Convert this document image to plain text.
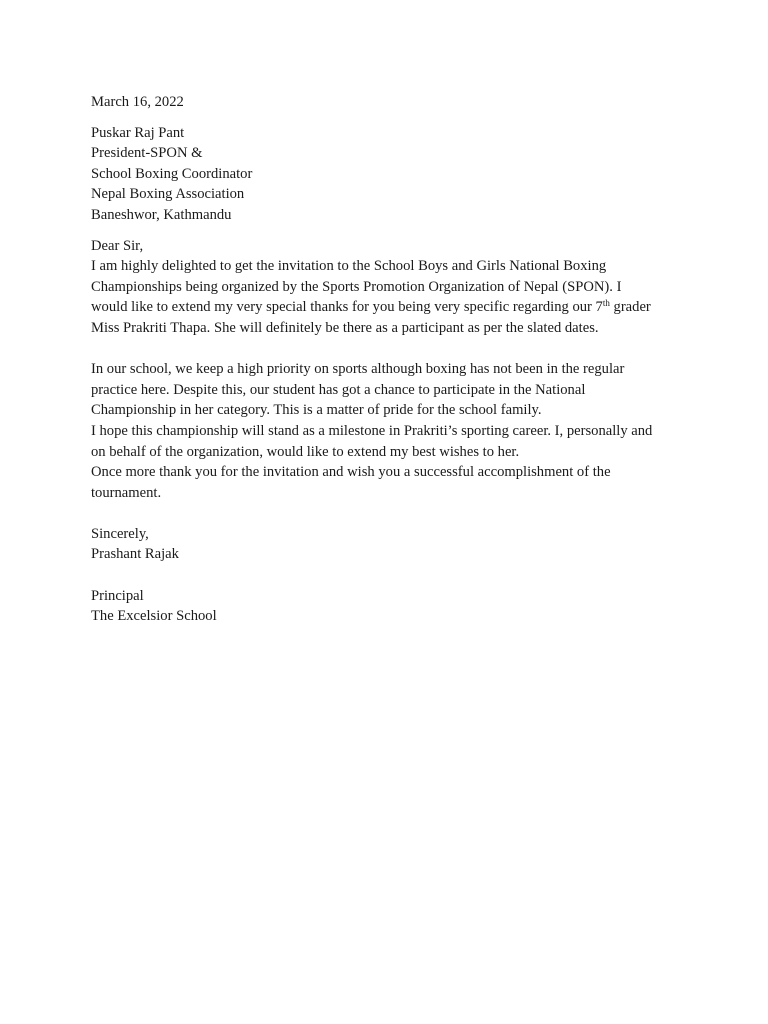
March 16, 2022
Puskar Raj Pant
President-SPON &
School Boxing Coordinator
Nepal Boxing Association
Baneshwor, Kathmandu
Dear Sir,
I am highly delighted to get the invitation to the School Boys and Girls National Boxing
Championships being organized by the Sports Promotion Organization of Nepal (SPON). I
would like to extend my very special thanks for you being very specific regarding our 7th grader
Miss Prakriti Thapa. She will definitely be there as a participant as per the slated dates.
In our school, we keep a high priority on sports although boxing has not been in the regular
practice here. Despite this, our student has got a chance to participate in the National
Championship in her category. This is a matter of pride for the school family.
I hope this championship will stand as a milestone in Prakriti’s sporting career. I, personally and
on behalf of the organization, would like to extend my best wishes to her.
Once more thank you for the invitation and wish you a successful accomplishment of the
tournament.
Sincerely,
Prashant Rajak
Principal
The Excelsior School
